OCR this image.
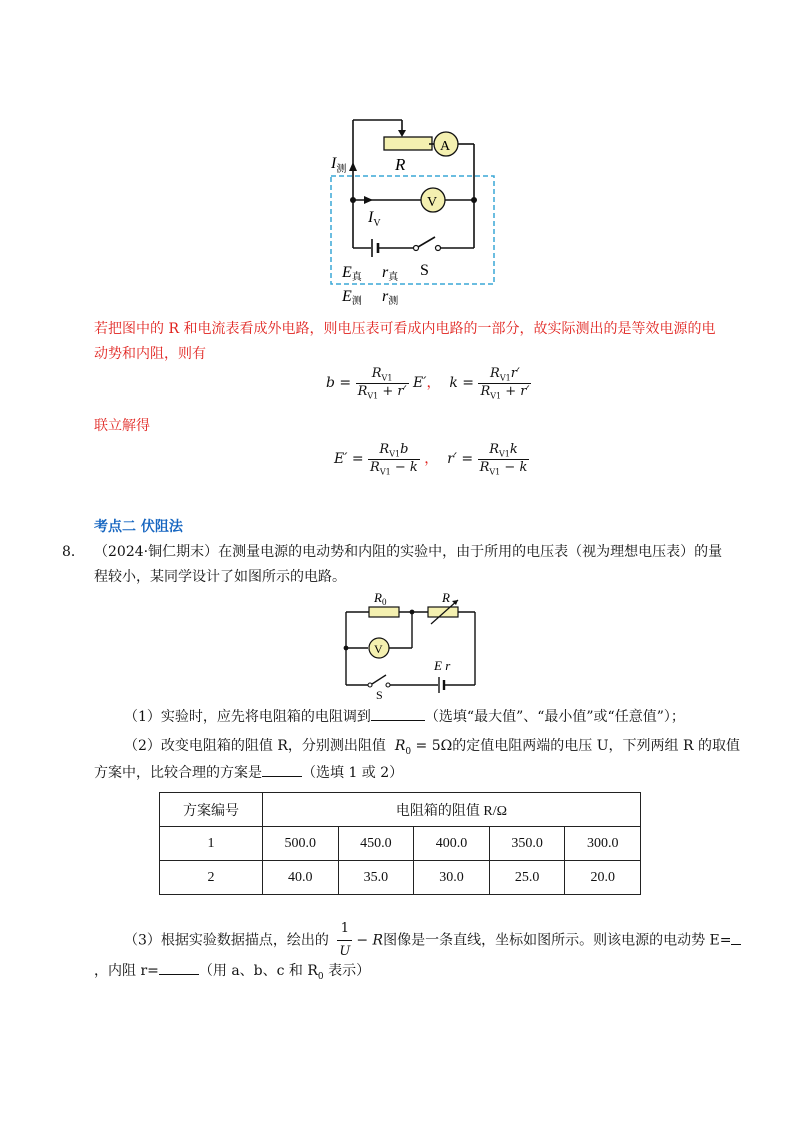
$I_测$	R
A
V
$I_V$
E真 r真 S
E测 r测
若把图中的 R 和电流表看成外电路，则电压表可看成内电路的一部分，故实际测出的是等效电源的电
动势和内阻，则有
$b = \frac{R_{V1}}{R_{V1} + r'} E'$，  $k = \frac{R_{V1}r'}{R_{V1} + r'}$
联立解得
$E' = \frac{R_{V1}b}{R_{V1} - k}$ ，  $r' = \frac{R_{V1}k}{R_{V1} - k}$
考点二 伏阻法
8． （2024·铜仁期末）在测量电源的电动势和内阻的实验中，由于所用的电压表（视为理想电压表）的量
程较小，某同学设计了如图所示的电路。
$R_0$	R
V
E r
S
（1）实验时，应先将电阻箱的电阻调到	（选填“最大值”、“最小值”或“任意值”）；
（2）改变电阻箱的阻值 R，分别测出阻值 $R_0 = 5\Omega$的定值电阻两端的电压 U，下列两组 R 的取值
方案中，比较合理的方案是	（选填 1 或 2）
方案编号	电阻箱的阻值 R/Ω				
1	500.0	450.0	400.0	350.0	300.0
2	40.0	35.0	30.0	25.0	20.0
（3）根据实验数据描点，绘出的 $\frac{1}{U} - R$图像是一条直线，坐标如图所示。则该电源的电动势 E=
，内阻 r=	（用 a、b、c 和 $R_0$ 表示）
